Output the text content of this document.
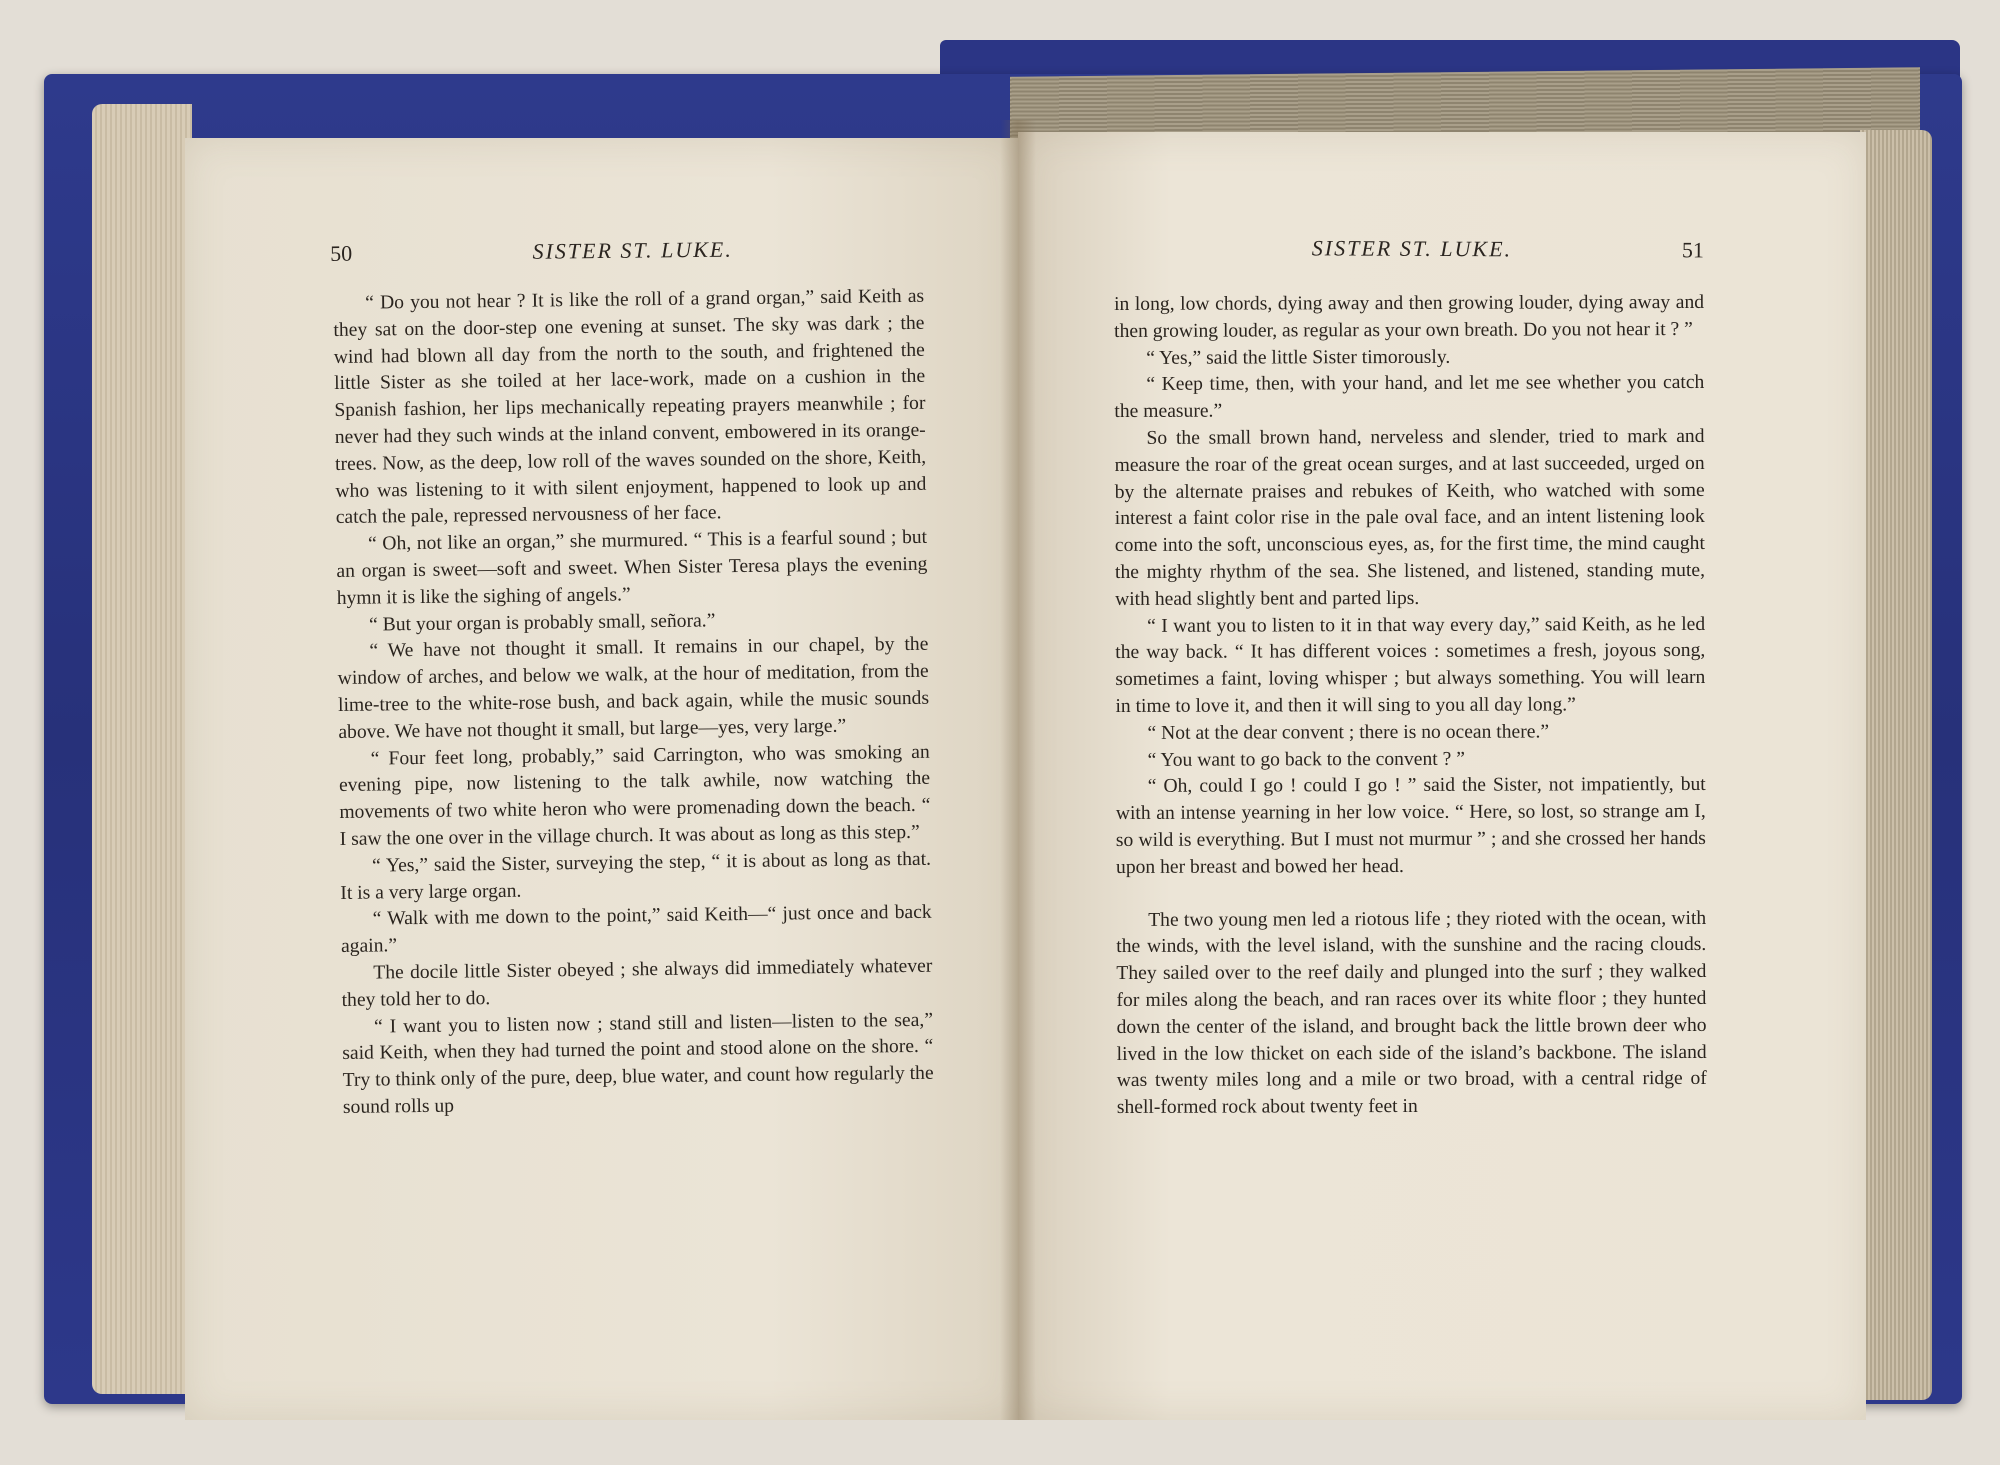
50	SISTER ST. LUKE.

“ Do you not hear ? It is like the roll of a grand organ,” said Keith as they sat on the door-step one evening at sunset. The sky was dark ; the wind had blown all day from the north to the south, and frightened the little Sister as she toiled at her lace-work, made on a cushion in the Spanish fashion, her lips mechanically repeating prayers meanwhile ; for never had they such winds at the inland convent, embowered in its orange-trees. Now, as the deep, low roll of the waves sounded on the shore, Keith, who was listening to it with silent enjoyment, happened to look up and catch the pale, repressed nervousness of her face.

“ Oh, not like an organ,” she murmured. “ This is a fearful sound ; but an organ is sweet—soft and sweet. When Sister Teresa plays the evening hymn it is like the sighing of angels.”

“ But your organ is probably small, señora.”

“ We have not thought it small. It remains in our chapel, by the window of arches, and below we walk, at the hour of meditation, from the lime-tree to the white-rose bush, and back again, while the music sounds above. We have not thought it small, but large—yes, very large.”

“ Four feet long, probably,” said Carrington, who was smoking an evening pipe, now listening to the talk awhile, now watching the movements of two white heron who were promenading down the beach. “ I saw the one over in the village church. It was about as long as this step.”

“ Yes,” said the Sister, surveying the step, “ it is about as long as that. It is a very large organ.

“ Walk with me down to the point,” said Keith—“ just once and back again.”

The docile little Sister obeyed ; she always did immediately whatever they told her to do.

“ I want you to listen now ; stand still and listen—listen to the sea,” said Keith, when they had turned the point and stood alone on the shore. “ Try to think only of the pure, deep, blue water, and count how regularly the sound rolls up

SISTER ST. LUKE.	51

in long, low chords, dying away and then growing louder, dying away and then growing louder, as regular as your own breath. Do you not hear it ? ”

“ Yes,” said the little Sister timorously.

“ Keep time, then, with your hand, and let me see whether you catch the measure.”

So the small brown hand, nerveless and slender, tried to mark and measure the roar of the great ocean surges, and at last succeeded, urged on by the alternate praises and rebukes of Keith, who watched with some interest a faint color rise in the pale oval face, and an intent listening look come into the soft, unconscious eyes, as, for the first time, the mind caught the mighty rhythm of the sea. She listened, and listened, standing mute, with head slightly bent and parted lips.

“ I want you to listen to it in that way every day,” said Keith, as he led the way back. “ It has different voices : sometimes a fresh, joyous song, sometimes a faint, loving whisper ; but always something. You will learn in time to love it, and then it will sing to you all day long.”

“ Not at the dear convent ; there is no ocean there.”

“ You want to go back to the convent ? ”

“ Oh, could I go ! could I go ! ” said the Sister, not impatiently, but with an intense yearning in her low voice. “ Here, so lost, so strange am I, so wild is everything. But I must not murmur ” ; and she crossed her hands upon her breast and bowed her head.

The two young men led a riotous life ; they rioted with the ocean, with the winds, with the level island, with the sunshine and the racing clouds. They sailed over to the reef daily and plunged into the surf ; they walked for miles along the beach, and ran races over its white floor ; they hunted down the center of the island, and brought back the little brown deer who lived in the low thicket on each side of the island’s backbone. The island was twenty miles long and a mile or two broad, with a central ridge of shell-formed rock about twenty feet in
